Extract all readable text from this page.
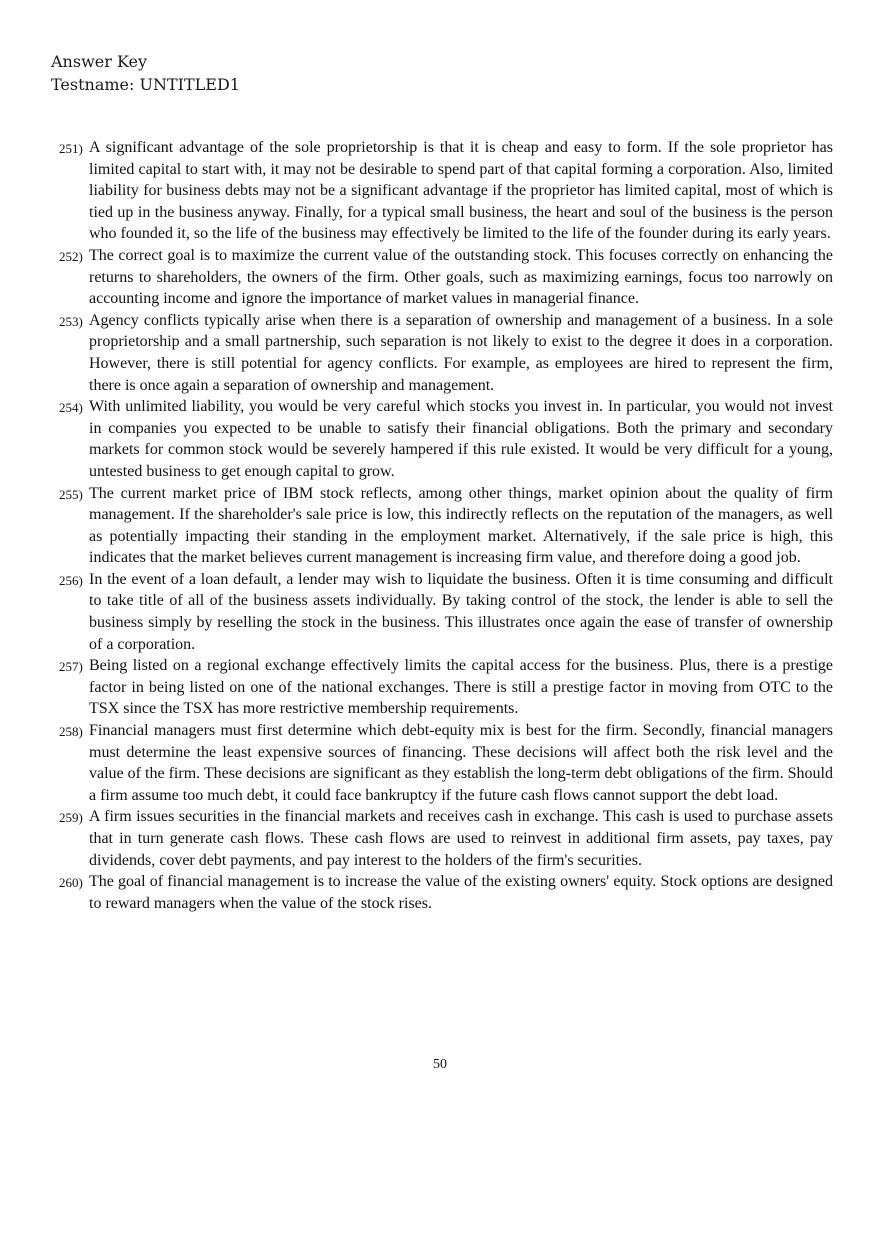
Answer Key
Testname: UNTITLED1
251) A significant advantage of the sole proprietorship is that it is cheap and easy to form. If the sole proprietor has limited capital to start with, it may not be desirable to spend part of that capital forming a corporation. Also, limited liability for business debts may not be a significant advantage if the proprietor has limited capital, most of which is tied up in the business anyway. Finally, for a typical small business, the heart and soul of the business is the person who founded it, so the life of the business may effectively be limited to the life of the founder during its early years.
252) The correct goal is to maximize the current value of the outstanding stock. This focuses correctly on enhancing the returns to shareholders, the owners of the firm. Other goals, such as maximizing earnings, focus too narrowly on accounting income and ignore the importance of market values in managerial finance.
253) Agency conflicts typically arise when there is a separation of ownership and management of a business. In a sole proprietorship and a small partnership, such separation is not likely to exist to the degree it does in a corporation. However, there is still potential for agency conflicts. For example, as employees are hired to represent the firm, there is once again a separation of ownership and management.
254) With unlimited liability, you would be very careful which stocks you invest in. In particular, you would not invest in companies you expected to be unable to satisfy their financial obligations. Both the primary and secondary markets for common stock would be severely hampered if this rule existed. It would be very difficult for a young, untested business to get enough capital to grow.
255) The current market price of IBM stock reflects, among other things, market opinion about the quality of firm management. If the shareholder's sale price is low, this indirectly reflects on the reputation of the managers, as well as potentially impacting their standing in the employment market. Alternatively, if the sale price is high, this indicates that the market believes current management is increasing firm value, and therefore doing a good job.
256) In the event of a loan default, a lender may wish to liquidate the business. Often it is time consuming and difficult to take title of all of the business assets individually. By taking control of the stock, the lender is able to sell the business simply by reselling the stock in the business. This illustrates once again the ease of transfer of ownership of a corporation.
257) Being listed on a regional exchange effectively limits the capital access for the business. Plus, there is a prestige factor in being listed on one of the national exchanges. There is still a prestige factor in moving from OTC to the TSX since the TSX has more restrictive membership requirements.
258) Financial managers must first determine which debt-equity mix is best for the firm. Secondly, financial managers must determine the least expensive sources of financing. These decisions will affect both the risk level and the value of the firm. These decisions are significant as they establish the long-term debt obligations of the firm. Should a firm assume too much debt, it could face bankruptcy if the future cash flows cannot support the debt load.
259) A firm issues securities in the financial markets and receives cash in exchange. This cash is used to purchase assets that in turn generate cash flows. These cash flows are used to reinvest in additional firm assets, pay taxes, pay dividends, cover debt payments, and pay interest to the holders of the firm's securities.
260) The goal of financial management is to increase the value of the existing owners' equity. Stock options are designed to reward managers when the value of the stock rises.
50
